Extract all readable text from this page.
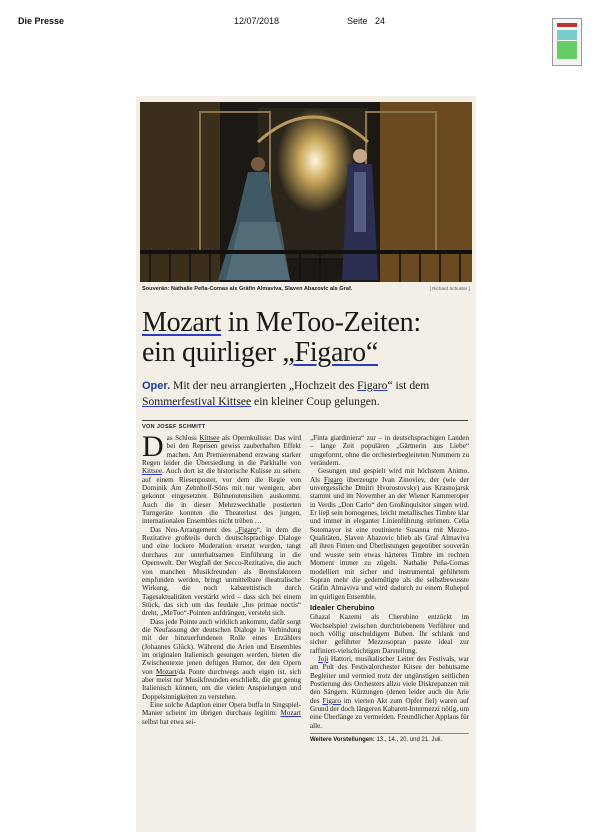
Die Presse	12/07/2018	Seite 24
Souverän: Nathalie Peña-Comas als Gräfin Almaviva, Slaven Abazovic als Graf.	[ Richard Schuster ]
Mozart in MeToo-Zeiten:
ein quirliger „Figaro“
Oper. Mit der neu arrangierten „Hochzeit des Figaro“ ist dem Sommerfestival Kittsee ein kleiner Coup gelungen.
VON JOSEF SCHMITT

Das Schloss Kittsee als Opernkulisse: Das wird bei den Reprisen gewiss zauberhaften Effekt machen. Am Premierenabend erzwang starker Regen leider die Übersiedlung in die Parkhalle von Kittsee. Auch dort ist die historische Kulisse zu sehen: auf einem Riesenposter, vor dem die Regie von Dominik Am Zehnhoff-Söns mit nur wenigen, aber gekonnt eingesetzten Bühnenutensilien auskommt. Auch die in dieser Mehrzweckhalle postierten Turngeräte konnten die Theaterlust des jungen, internationalen Ensembles nicht trüben …

Das Neu-Arrangement des „Figaro“, in dem die Rezitative großteils durch deutschsprachige Dialoge und eine lockere Moderation ersetzt wurden, tangt durchaus zur unterhaltsamen Einführung in die Opernwelt. Der Wegfall der Secco-Rezitative, die auch von manchen Musikfreunden als Bremsfaktoren empfunden werden, bringt unmittelbare theatralische Wirkung, die noch kabarettistisch durch Tagesaktualitäten verstärkt wird – dass sich bei einem Stück, das sich um das feudale „Ius primae noctis“ dreht, „MeToo“-Pointen aufdrängen, versteht sich.

Dass jede Pointe auch wirklich ankommt, dafür sorgt die Neufassung der deutschen Dialoge in Verbindung mit der hinzuerfundenen Rolle eines Erzählers (Johannes Glück). Während die Arien und Ensembles im originalen Italienisch gesungen werden, bieten die Zwischentexte jenen deftigen Humor, der den Opern von Mozart/da Ponte durchwegs auch eigen ist, sich aber meist nur Musikfreunden erschließt, die gut genug Italienisch können, um die vielen Anspielungen und Doppelsinnigkeiten zu verstehen.

Eine solche Adaption einer Opera buffa in Singspiel-Manier scheint im übrigen durchaus legitim: Mozart selbst hat etwa sei-

„Finta giardiniera“ zur – in deutschsprachigen Landen – lange Zeit populären „Gärtnerin aus Liebe“ umgeformt, ohne die orchesterbegleiteten Nummern zu verändern.

Gesungen und gespielt wird mit höchstem Animo. Als Figaro überzeugte Ivan Zinoviev, der (wie der unvergessliche Dmitri Hvorostovsky) aus Krasnojarsk stammt und im November an der Wiener Kammeroper in Verdis „Don Carlo“ den Großinquisitor singen wird. Er lieβ sein homogenes, leicht metallisches Timbre klar und immer in eleganter Linienführung strömen. Celia Sotomayor ist eine routinierte Susanna mit Mezzo-Qualitäten, Slaven Abazovic blieb als Graf Almaviva all ihren Finten und Überlistungen gegenüber souverän und wusste sein etwas härteres Timbre im rechten Moment immer zu zügeln. Nathalie Peña-Comas modelliert mit sicher und instrumental geführtem Sopran mehr die gedemütigte als die selbstbewusste Gräfin Almaviva und wird dadurch zu einem Ruhepol im quirligen Ensemble.

Idealer Cherubino

Ghazal Kazemi als Cherubino entzückt im Wechselspiel zwischen durchtriebenem Verführer und noch völlig unschuldigem Buben. Ihr schlank und sicher geführter Mezzosopran passte ideal zur raffiniert-vielschichtigen Darstellung.

Joji Hattori, musikalischer Leiter des Festivals, war am Pult des Festivalorchester Kitsee der behutsame Begleiter und vermied trotz der ungünstigen seitlichen Postierung des Orchesters allzu viele Diskrepanzen mit den Sängern. Kürzungen (denen leider auch die Arie des Figaro im vierten Akt zum Opfer fiel) waren auf Grund der doch längeren Kabarett-Intermezzi nötig, um eine Überlänge zu vermeiden. Freundlicher Applaus für alle.

Weitere Vorstellungen: 13., 14., 20. und 21. Juli.
